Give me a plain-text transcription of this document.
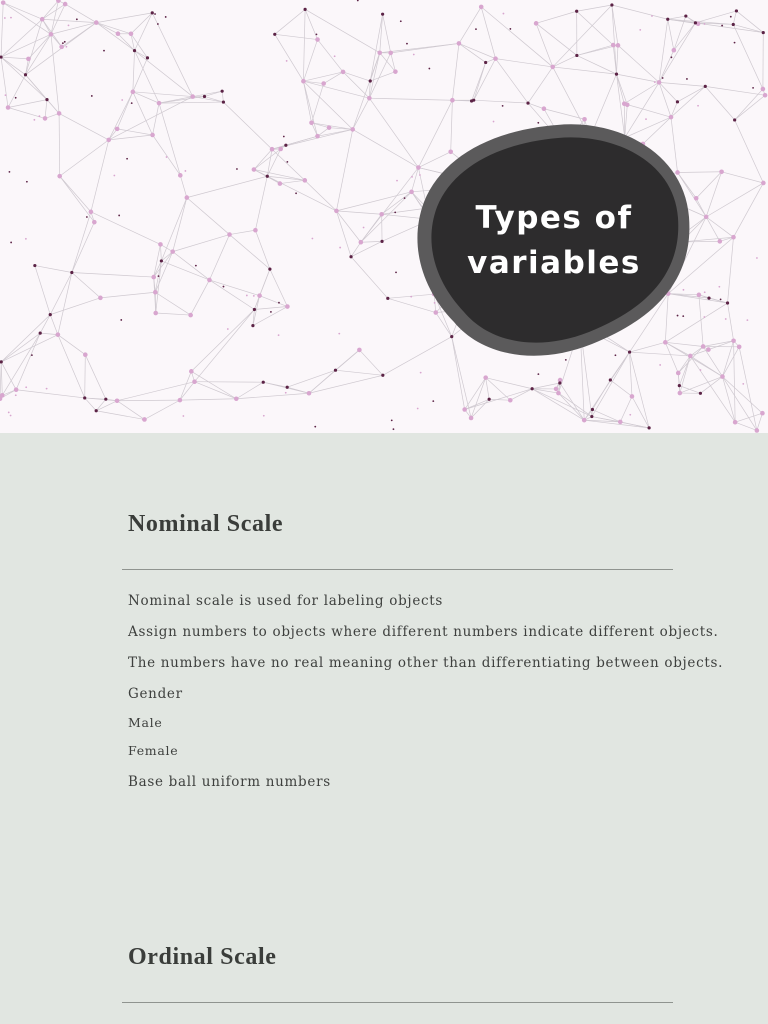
Types of
variables
Nominal Scale
Nominal scale is used for labeling objects
Assign numbers to objects where different numbers indicate different objects.
The numbers have no real meaning other than differentiating between objects.
Gender
Male
Female
Base ball uniform numbers
Ordinal Scale
